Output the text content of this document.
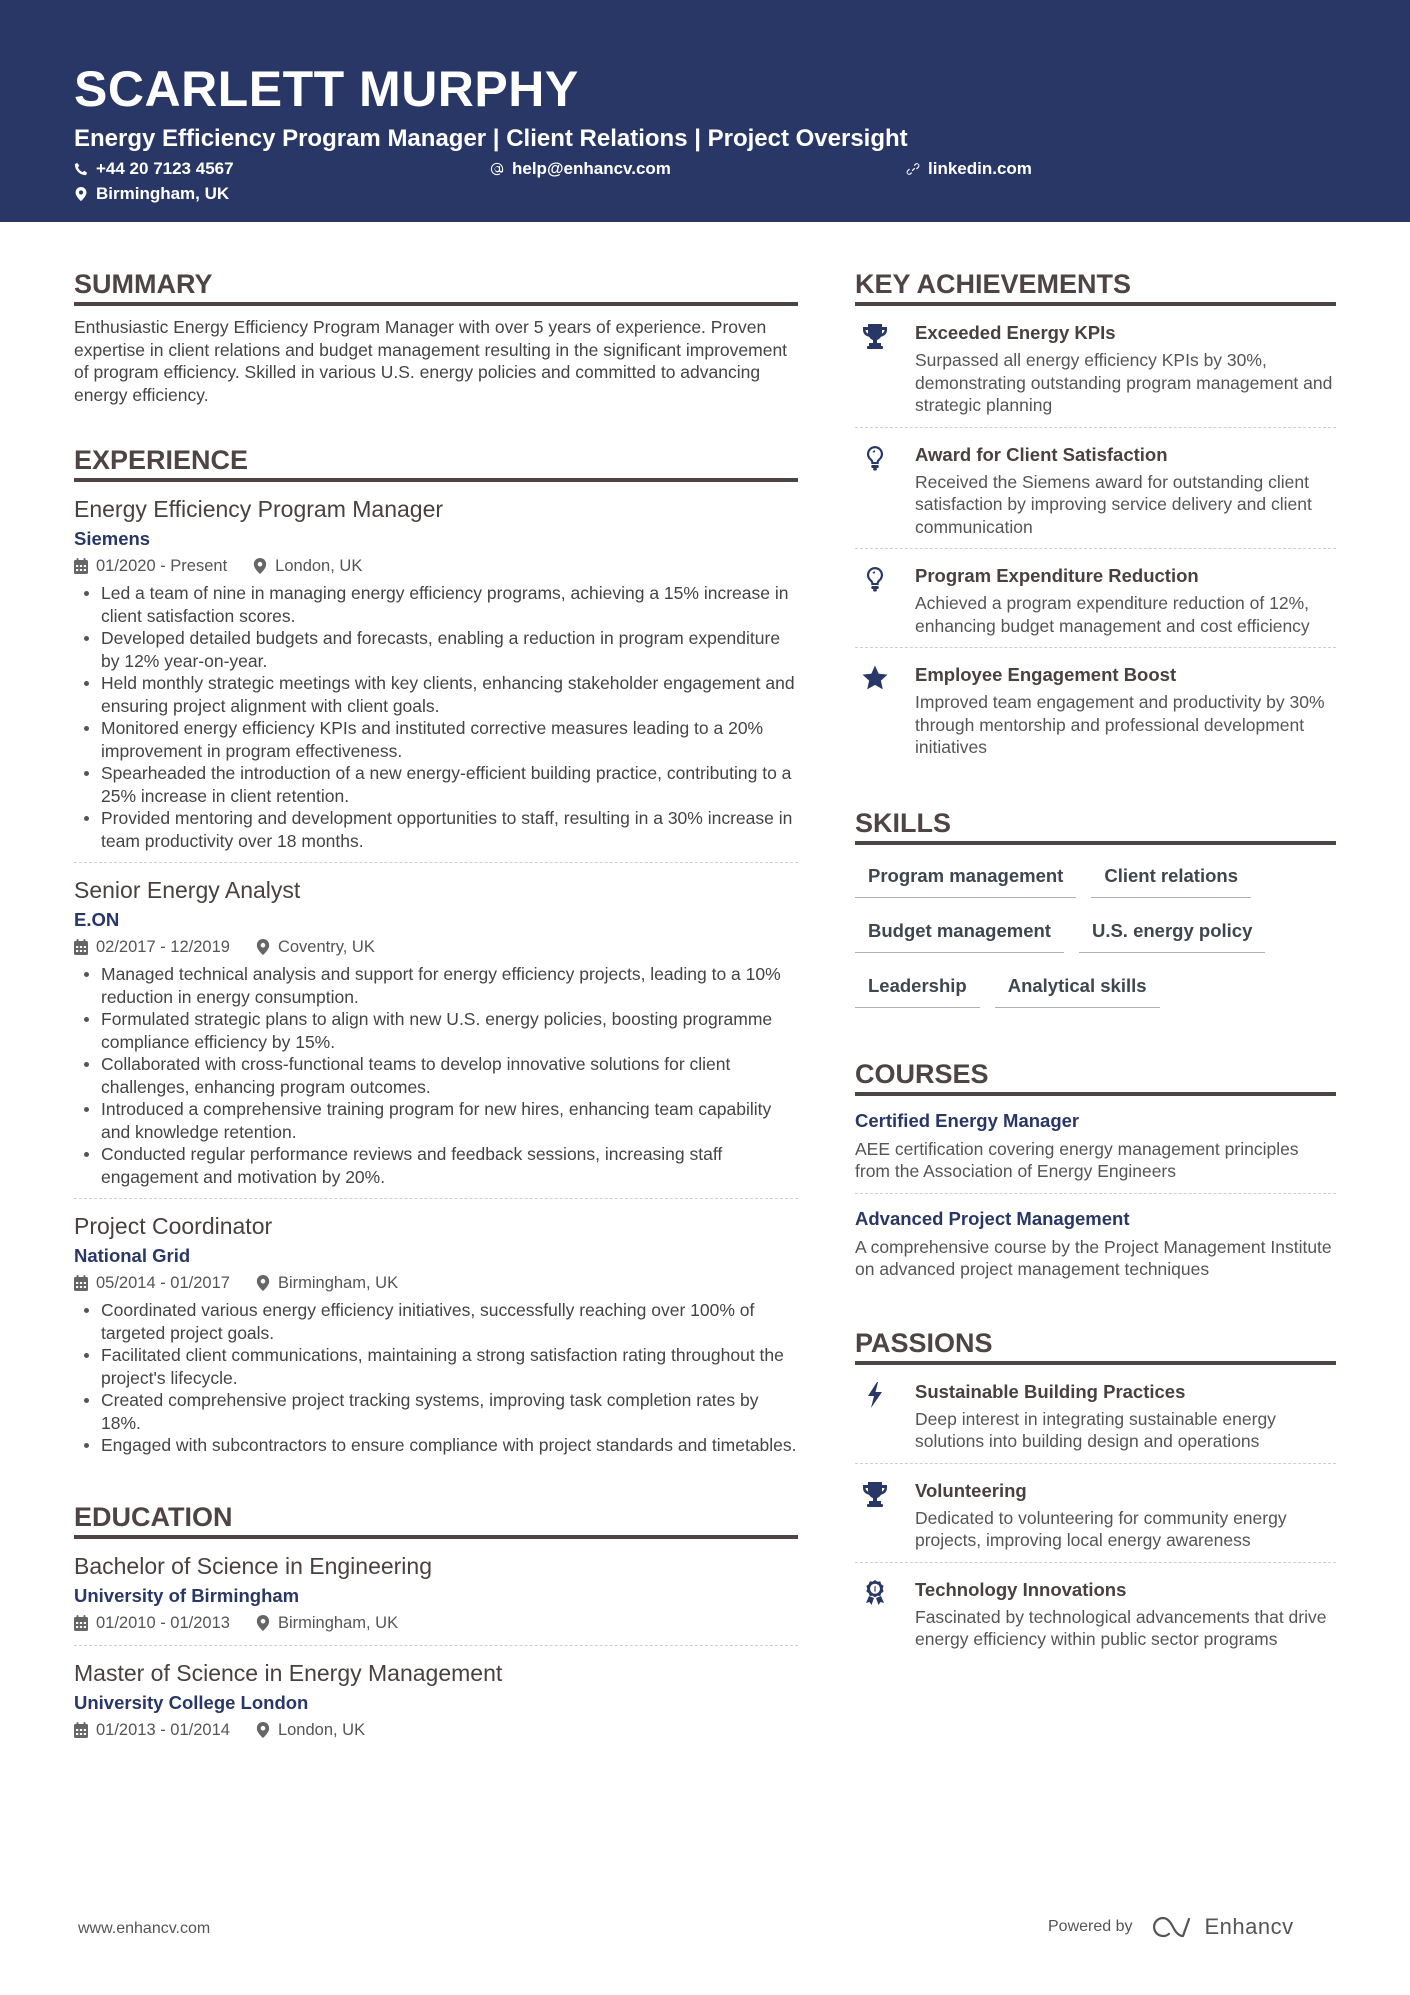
SCARLETT MURPHY
Energy Efficiency Program Manager | Client Relations | Project Oversight
+44 20 7123 4567	help@enhancv.com	linkedin.com
Birmingham, UK
SUMMARY

Enthusiastic Energy Efficiency Program Manager with over 5 years of experience. Proven expertise in client relations and budget management resulting in the significant improvement of program efficiency. Skilled in various U.S. energy policies and committed to advancing energy efficiency.

EXPERIENCE
Energy Efficiency Program Manager
Siemens
01/2020 - Present	London, UK
Led a team of nine in managing energy efficiency programs, achieving a 15% increase in client satisfaction scores.
Developed detailed budgets and forecasts, enabling a reduction in program expenditure by 12% year-on-year.
Held monthly strategic meetings with key clients, enhancing stakeholder engagement and ensuring project alignment with client goals.
Monitored energy efficiency KPIs and instituted corrective measures leading to a 20% improvement in program effectiveness.
Spearheaded the introduction of a new energy-efficient building practice, contributing to a 25% increase in client retention.
Provided mentoring and development opportunities to staff, resulting in a 30% increase in team productivity over 18 months.
Senior Energy Analyst
E.ON
02/2017 - 12/2019	Coventry, UK
Managed technical analysis and support for energy efficiency projects, leading to a 10% reduction in energy consumption.
Formulated strategic plans to align with new U.S. energy policies, boosting programme compliance efficiency by 15%.
Collaborated with cross-functional teams to develop innovative solutions for client challenges, enhancing program outcomes.
Introduced a comprehensive training program for new hires, enhancing team capability and knowledge retention.
Conducted regular performance reviews and feedback sessions, increasing staff engagement and motivation by 20%.
Project Coordinator
National Grid
05/2014 - 01/2017	Birmingham, UK
Coordinated various energy efficiency initiatives, successfully reaching over 100% of targeted project goals.
Facilitated client communications, maintaining a strong satisfaction rating throughout the project's lifecycle.
Created comprehensive project tracking systems, improving task completion rates by 18%.
Engaged with subcontractors to ensure compliance with project standards and timetables.
EDUCATION
Bachelor of Science in Engineering
University of Birmingham
01/2010 - 01/2013	Birmingham, UK
Master of Science in Energy Management
University College London
01/2013 - 01/2014	London, UK
KEY ACHIEVEMENTS
Exceeded Energy KPIs
Surpassed all energy efficiency KPIs by 30%, demonstrating outstanding program management and strategic planning
Award for Client Satisfaction
Received the Siemens award for outstanding client satisfaction by improving service delivery and client communication
Program Expenditure Reduction
Achieved a program expenditure reduction of 12%, enhancing budget management and cost efficiency
Employee Engagement Boost
Improved team engagement and productivity by 30% through mentorship and professional development initiatives
SKILLS
Program management	Client relations
Budget management	U.S. energy policy
Leadership	Analytical skills
COURSES
Certified Energy Manager
AEE certification covering energy management principles from the Association of Energy Engineers
Advanced Project Management
A comprehensive course by the Project Management Institute on advanced project management techniques
PASSIONS
Sustainable Building Practices
Deep interest in integrating sustainable energy solutions into building design and operations
Volunteering
Dedicated to volunteering for community energy projects, improving local energy awareness
Technology Innovations
Fascinated by technological advancements that drive energy efficiency within public sector programs
www.enhancv.com	Powered by	Enhancv
